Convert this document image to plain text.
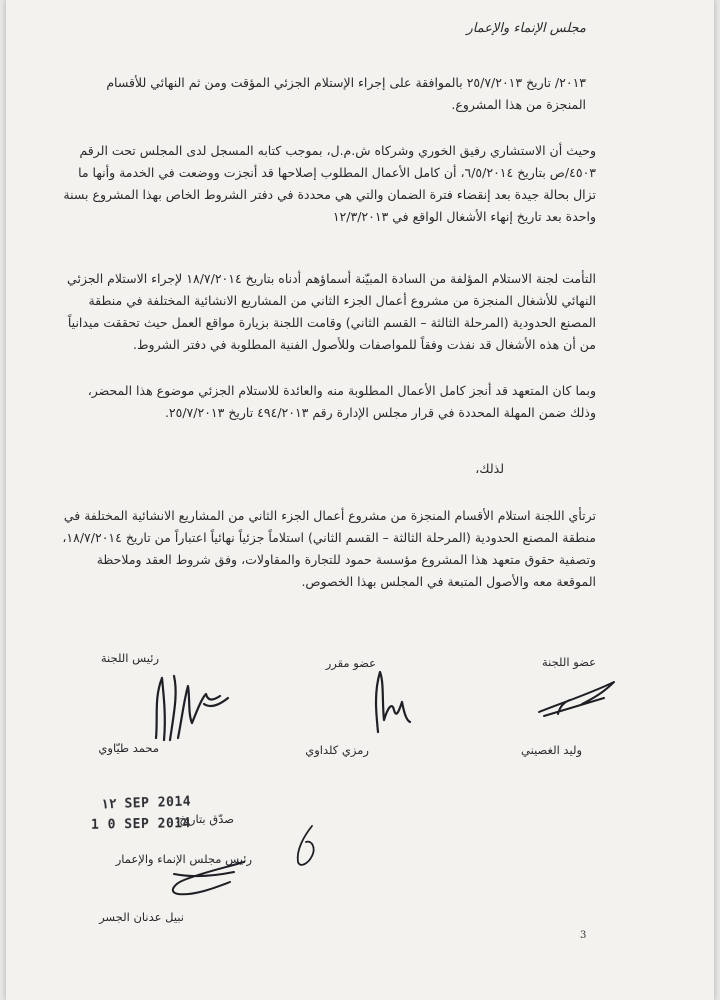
مجلس الإنماء والإعمار
٢٠١٣/ تاريخ ٢٥/٧/٢٠١٣ بالموافقة على إجراء الإستلام الجزئي المؤقت ومن ثم النهائي للأقسام المنجزة من هذا المشروع.
وحيث أن الاستشاري رفيق الخوري وشركاه ش.م.ل، بموجب كتابه المسجل لدى المجلس تحت الرقم ٤٥٠٣/ص بتاريخ ٦/٥/٢٠١٤، أن كامل الأعمال المطلوب إصلاحها قد أنجزت ووضعت في الخدمة وأنها ما تزال بحالة جيدة بعد إنقضاء فترة الضمان والتي هي محددة في دفتر الشروط الخاص بهذا المشروع بسنة واحدة بعد تاريخ إنهاء الأشغال الواقع في ١٢/٣/٢٠١٣
التأمت لجنة الاستلام المؤلفة من السادة المبيّنة أسماؤهم أدناه بتاريخ ١٨/٧/٢٠١٤ لإجراء الاستلام الجزئي النهائي للأشغال المنجزة من مشروع أعمال الجزء الثاني من المشاريع الانشائية المختلفة في منطقة المصنع الحدودية (المرحلة الثالثة – القسم الثاني) وقامت اللجنة بزيارة مواقع العمل حيث تحققت ميدانياً من أن هذه الأشغال قد نفذت وفقاً للمواصفات وللأصول الفنية المطلوبة في دفتر الشروط.
وبما كان المتعهد قد أنجز كامل الأعمال المطلوبة منه والعائدة للاستلام الجزئي موضوع هذا المحضر، وذلك ضمن المهلة المحددة في قرار مجلس الإدارة رقم ٤٩٤/٢٠١٣ تاريخ ٢٥/٧/٢٠١٣.
لذلك،
ترتأي اللجنة استلام الأقسام المنجزة من مشروع أعمال الجزء الثاني من المشاريع الانشائية المختلفة في منطقة المصنع الحدودية (المرحلة الثالثة – القسم الثاني) استلاماً جزئياً نهائياً اعتباراً من تاريخ ١٨/٧/٢٠١٤، وتصفية حقوق متعهد هذا المشروع مؤسسة حمود للتجارة والمقاولات، وفق شروط العقد وملاحظة الموقعة معه والأصول المتبعة في المجلس بهذا الخصوص.
رئيس اللجنة	عضو مقرر	عضو اللجنة
محمد طيّاوي	رمزي كلداوي	وليد الغصيني
١٢ SEP 2014
1 0 SEP 2014
صدّق بتاريخ:
رئيس مجلس الإنماء والإعمار
نبيل عدنان الجسر
3
